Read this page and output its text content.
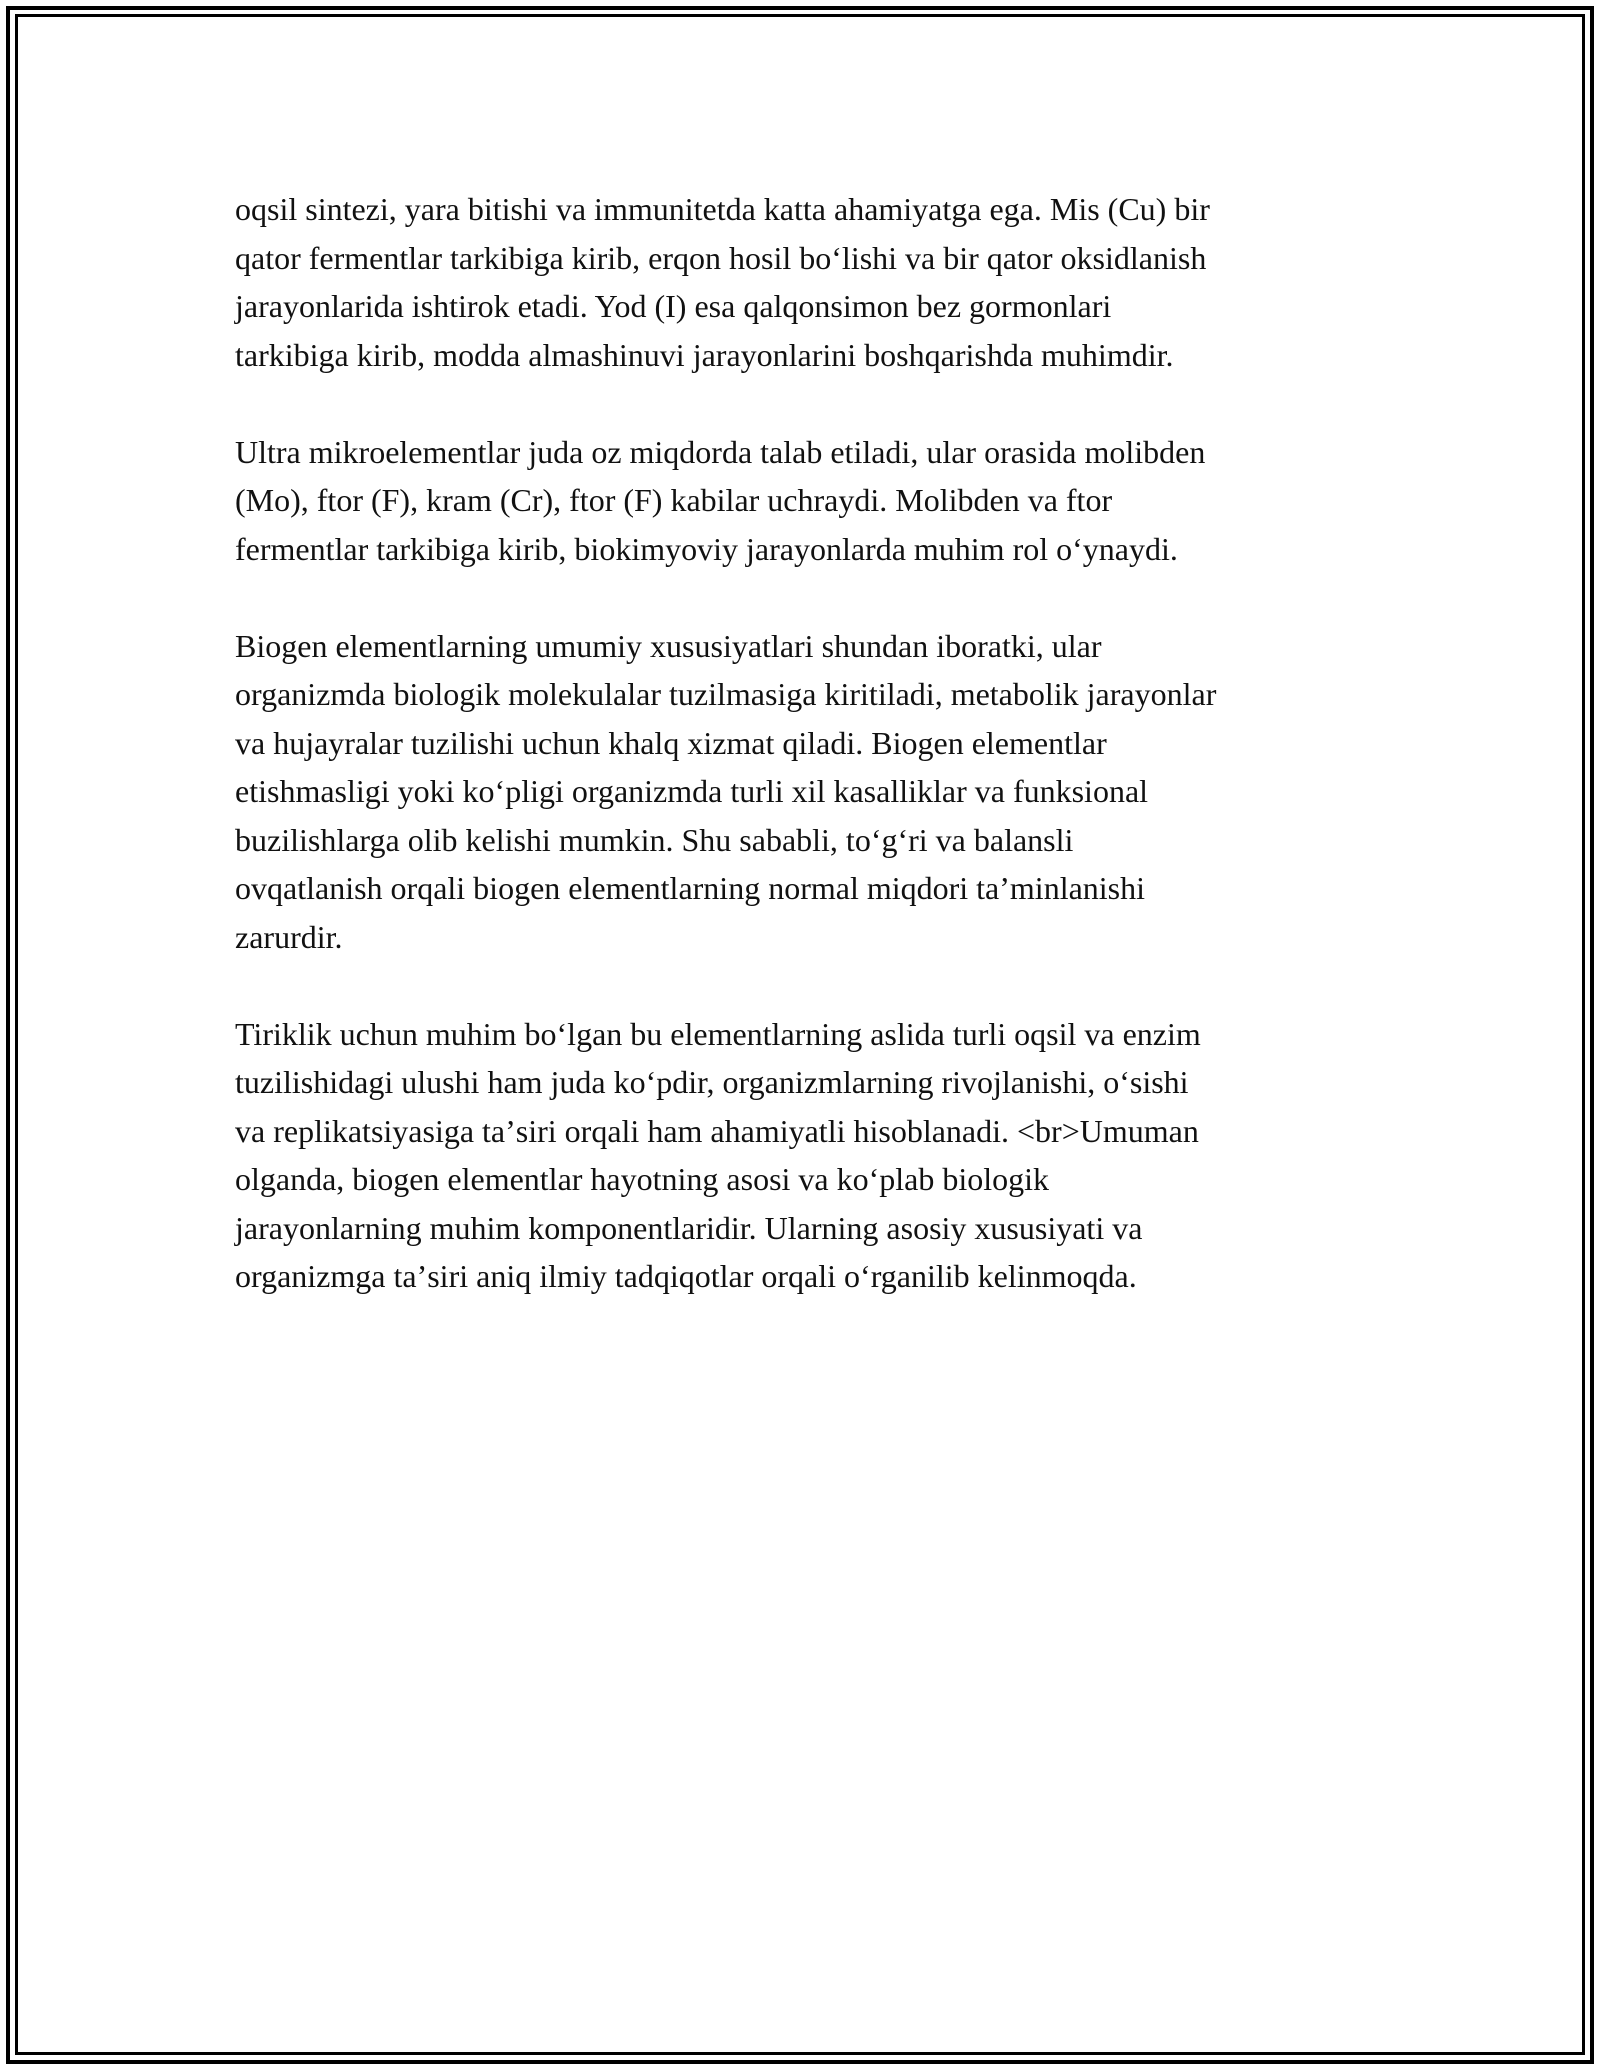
oqsil sintezi, yara bitishi va immunitetda katta ahamiyatga ega. Mis (Cu) bir
qator fermentlar tarkibiga kirib, erqon hosil boʻlishi va bir qator oksidlanish
jarayonlarida ishtirok etadi. Yod (I) esa qalqonsimon bez gormonlari
tarkibiga kirib, modda almashinuvi jarayonlarini boshqarishda muhimdir.

Ultra mikroelementlar juda oz miqdorda talab etiladi, ular orasida molibden
(Mo), ftor (F), kram (Cr), ftor (F) kabilar uchraydi. Molibden va ftor
fermentlar tarkibiga kirib, biokimyoviy jarayonlarda muhim rol oʻynaydi.

Biogen elementlarning umumiy xususiyatlari shundan iboratki, ular
organizmda biologik molekulalar tuzilmasiga kiritiladi, metabolik jarayonlar
va hujayralar tuzilishi uchun khalq xizmat qiladi. Biogen elementlar
etishmasligi yoki koʻpligi organizmda turli xil kasalliklar va funksional
buzilishlarga olib kelishi mumkin. Shu sababli, toʻgʻri va balansli
ovqatlanish orqali biogen elementlarning normal miqdori taʼminlanishi
zarurdir.

Tiriklik uchun muhim boʻlgan bu elementlarning aslida turli oqsil va enzim
tuzilishidagi ulushi ham juda koʻpdir, organizmlarning rivojlanishi, oʻsishi
va replikatsiyasiga taʼsiri orqali ham ahamiyatli hisoblanadi. <br>Umuman
olganda, biogen elementlar hayotning asosi va koʻplab biologik
jarayonlarning muhim komponentlaridir. Ularning asosiy xususiyati va
organizmga taʼsiri aniq ilmiy tadqiqotlar orqali oʻrganilib kelinmoqda.
